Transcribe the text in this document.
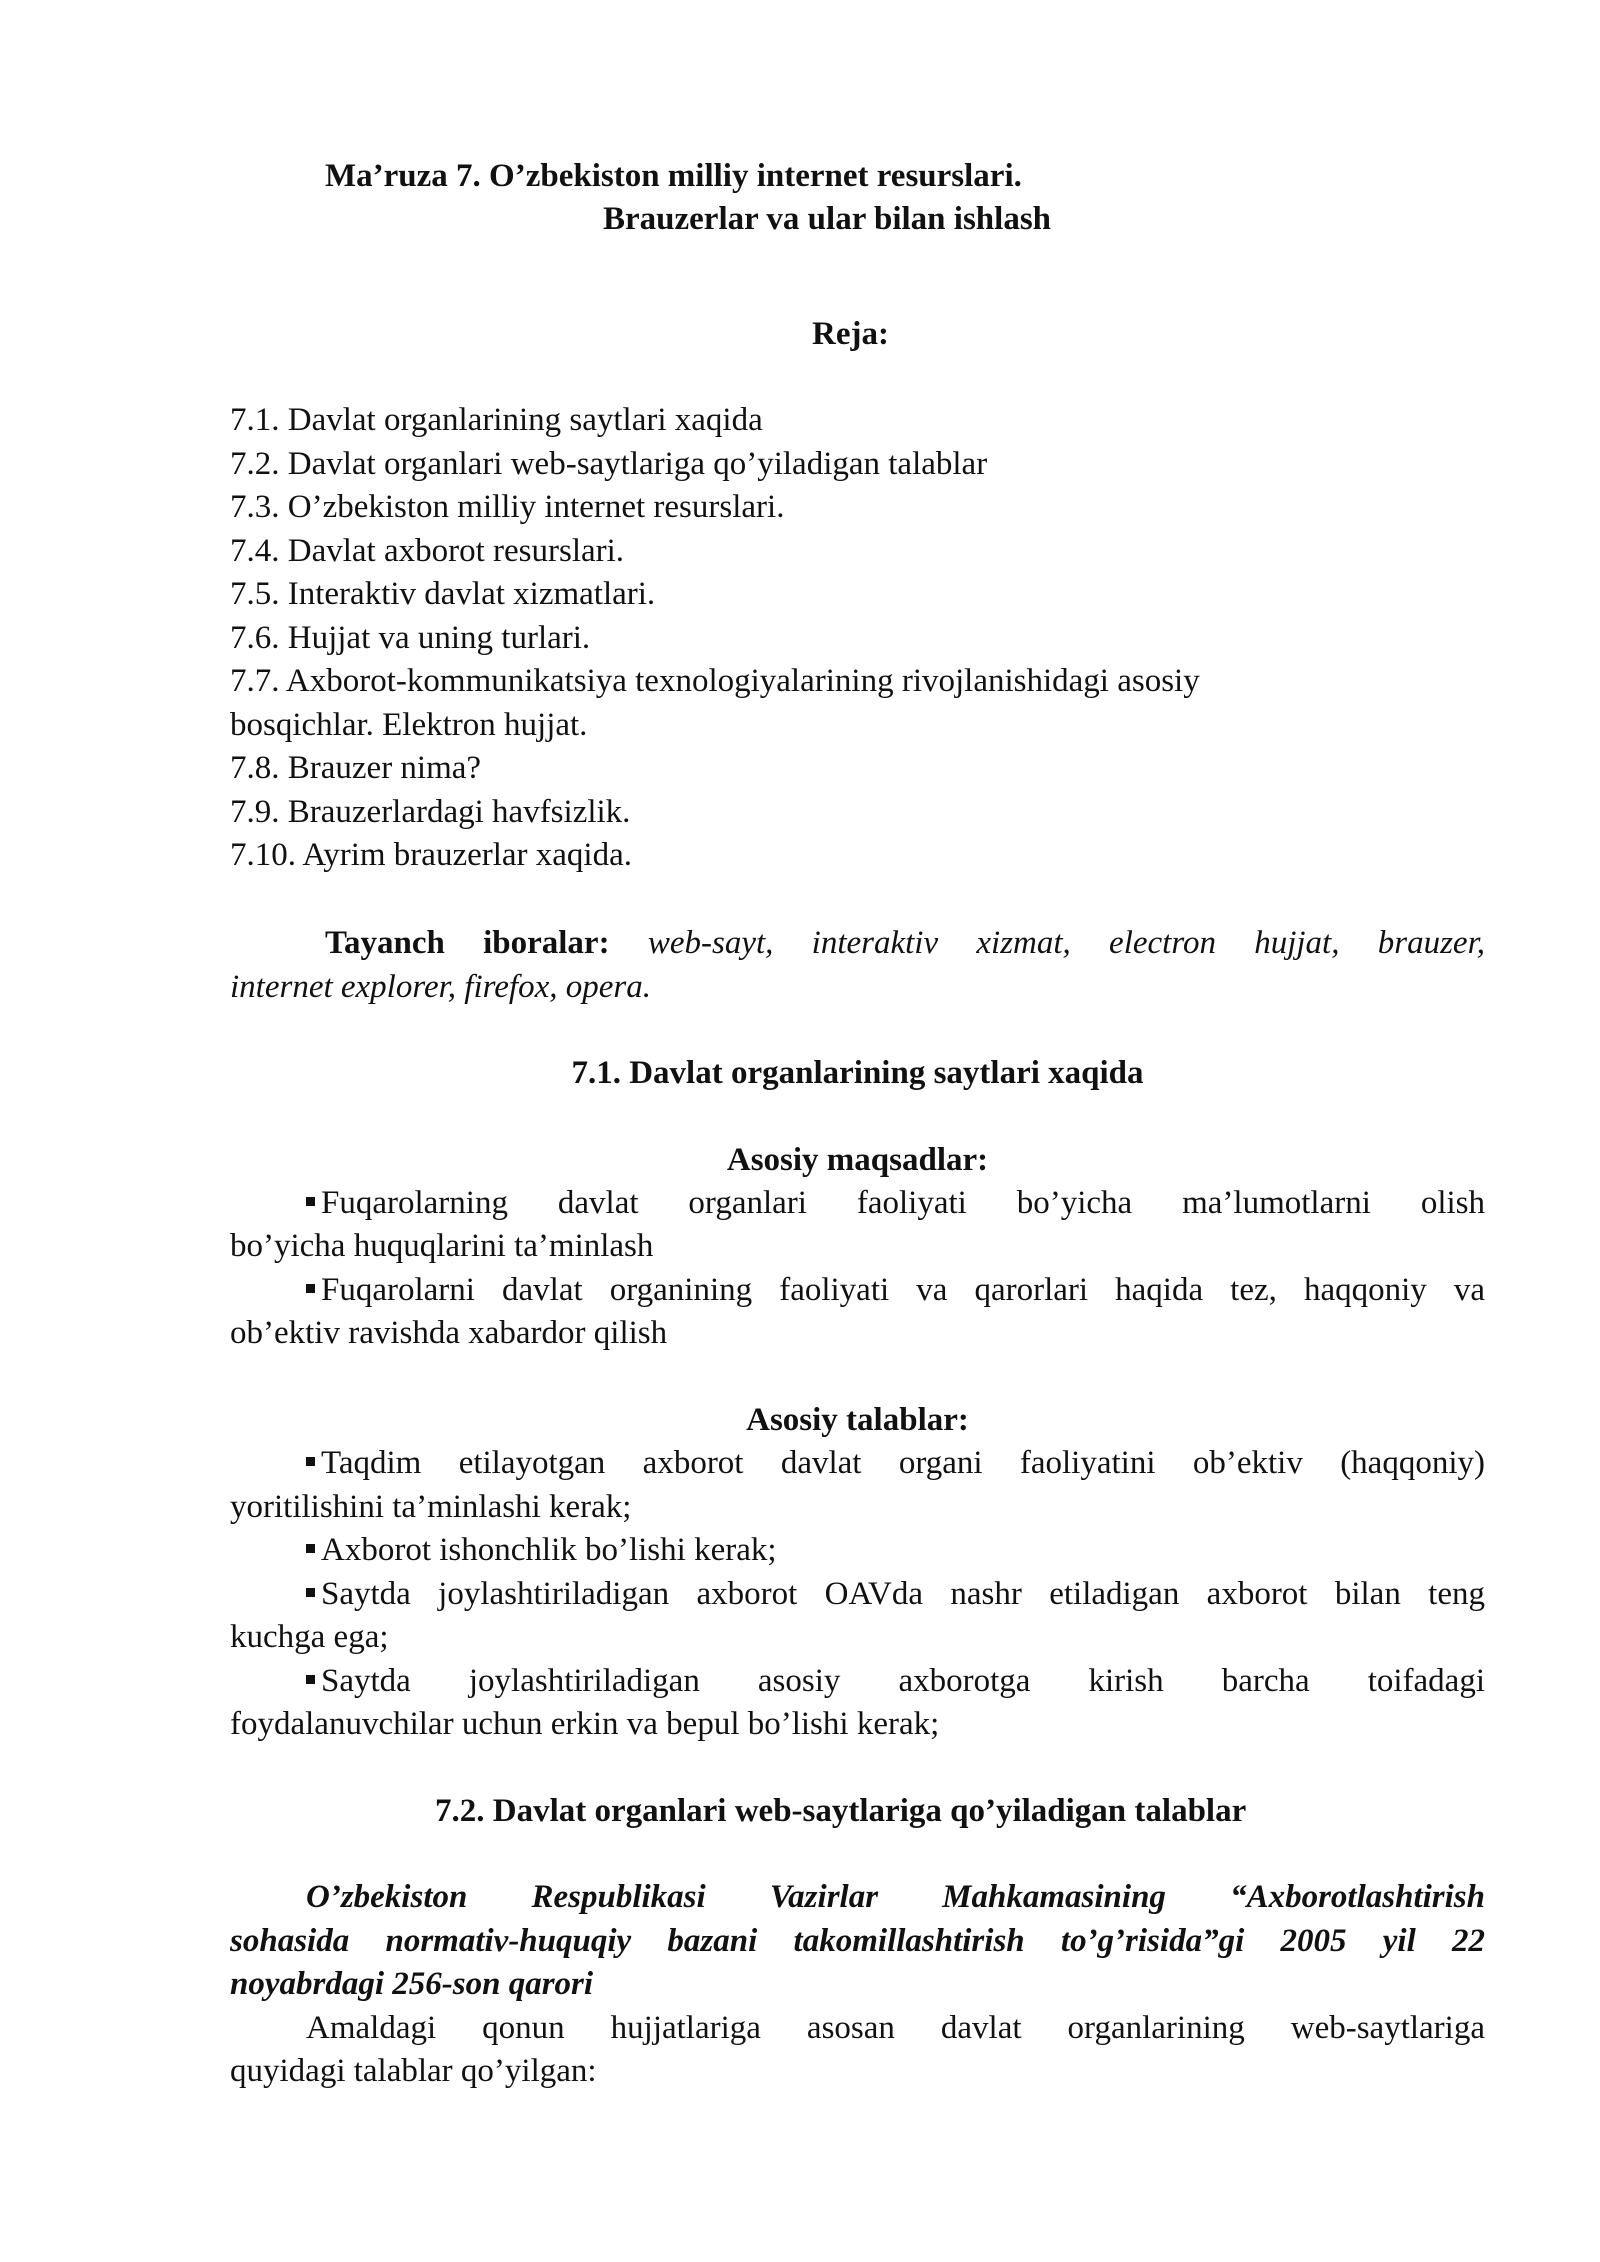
Ma’ruza 7. O’zbekiston milliy internet resurslari.
Brauzerlar va ular bilan ishlash
Reja:
7.1. Davlat organlarining saytlari xaqida
7.2. Davlat organlari web-saytlariga qo’yiladigan talablar
7.3. O’zbekiston milliy internet resurslari.
7.4. Davlat axborot resurslari.
7.5. Interaktiv davlat xizmatlari.
7.6. Hujjat va uning turlari.
7.7. Axborot-kommunikatsiya texnologiyalarining rivojlanishidagi asosiy
bosqichlar. Elektron hujjat.
7.8. Brauzer nima?
7.9. Brauzerlardagi havfsizlik.
7.10. Ayrim brauzerlar xaqida.
Tayanch iboralar: web-sayt, interaktiv xizmat, electron hujjat, brauzer,
internet explorer, firefox, opera.
7.1. Davlat organlarining saytlari xaqida
Asosiy maqsadlar:
Fuqarolarning davlat organlari faoliyati bo’yicha ma’lumotlarni olish
bo’yicha huquqlarini ta’minlash
Fuqarolarni davlat organining faoliyati va qarorlari haqida tez, haqqoniy va
ob’ektiv ravishda xabardor qilish
Asosiy talablar:
Taqdim etilayotgan axborot davlat organi faoliyatini ob’ektiv (haqqoniy)
yoritilishini ta’minlashi kerak;
Axborot ishonchlik bo’lishi kerak;
Saytda joylashtiriladigan axborot OAVda nashr etiladigan axborot bilan teng
kuchga ega;
Saytda joylashtiriladigan asosiy axborotga kirish barcha toifadagi
foydalanuvchilar uchun erkin va bepul bo’lishi kerak;
7.2. Davlat organlari web-saytlariga qo’yiladigan talablar
O’zbekiston Respublikasi Vazirlar Mahkamasining “Axborotlashtirish
sohasida normativ-huquqiy bazani takomillashtirish to’g’risida”gi 2005 yil 22
noyabrdagi 256-son qarori
Amaldagi qonun hujjatlariga asosan davlat organlarining web-saytlariga
quyidagi talablar qo’yilgan:
